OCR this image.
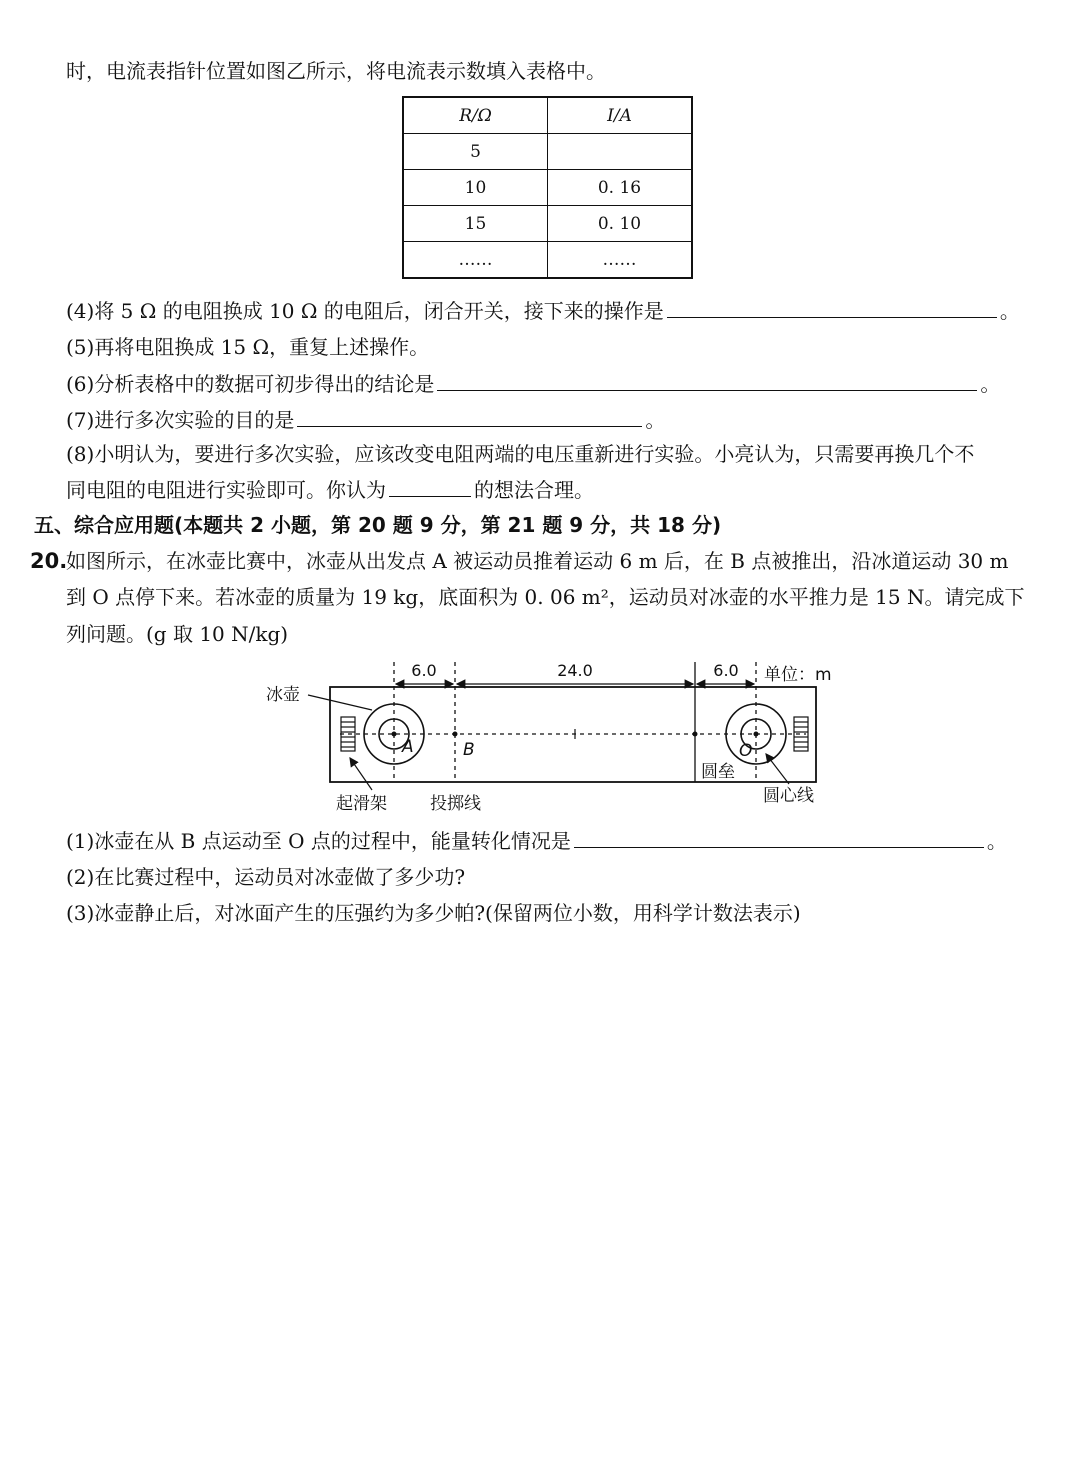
时，电流表指针位置如图乙所示，将电流表示数填入表格中。
R/Ω	I/A
5	
10	0. 16
15	0. 10
……	……
(4)将 5 Ω 的电阻换成 10 Ω 的电阻后，闭合开关，接下来的操作是	。
(5)再将电阻换成 15 Ω，重复上述操作。
(6)分析表格中的数据可初步得出的结论是	。
(7)进行多次实验的目的是	。
(8)小明认为，要进行多次实验，应该改变电阻两端的电压重新进行实验。小亮认为，只需要再换几个不
同电阻的电阻进行实验即可。你认为	的想法合理。
五、综合应用题(本题共 2 小题，第 20 题 9 分，第 21 题 9 分，共 18 分)
20.
如图所示，在冰壶比赛中，冰壶从出发点 A 被运动员推着运动 6 m 后，在 B 点被推出，沿冰道运动 30 m
到 O 点停下来。若冰壶的质量为 19 kg，底面积为 0. 06 m²，运动员对冰壶的水平推力是 15 N。请完成下
列问题。(g 取 10 N/kg)
6.0	24.0	6.0 单位：m
A	B	O
冰壶
圆垒
起滑架	投掷线	圆心线
(1)冰壶在从 B 点运动至 O 点的过程中，能量转化情况是	。
(2)在比赛过程中，运动员对冰壶做了多少功?
(3)冰壶静止后，对冰面产生的压强约为多少帕?(保留两位小数，用科学计数法表示)
